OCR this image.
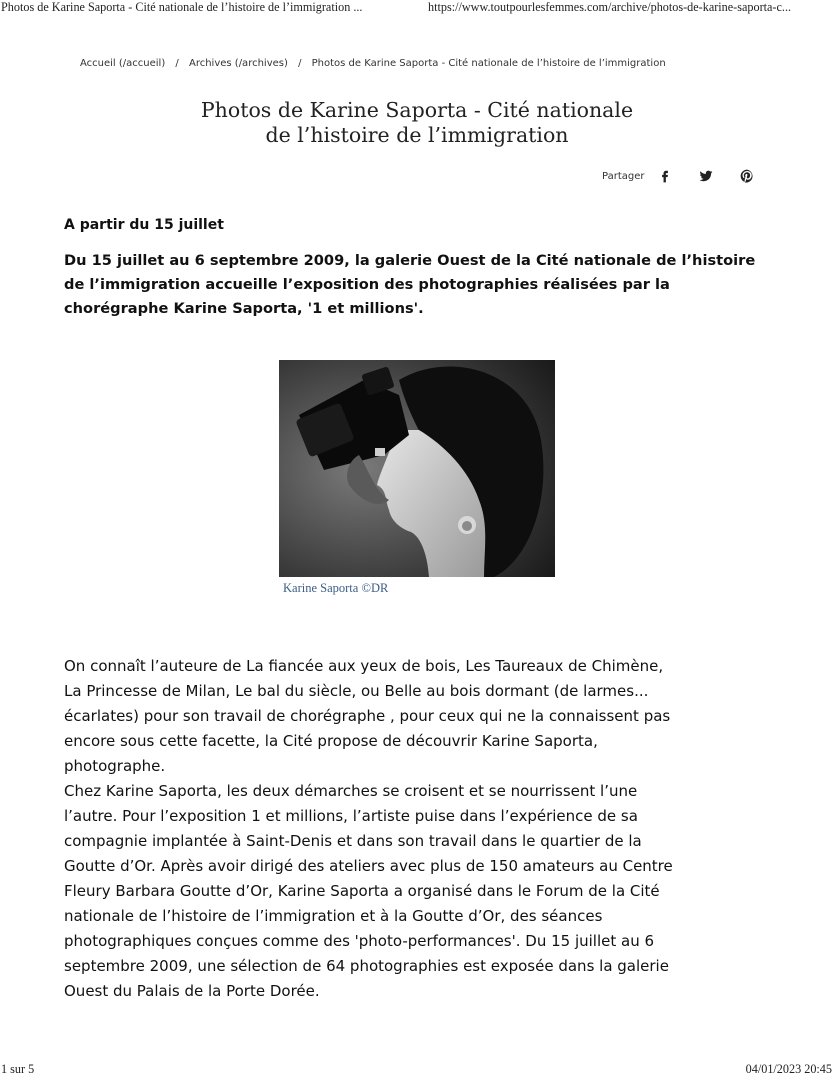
Photos de Karine Saporta - Cité nationale de l’histoire de l’immigration ...	https://www.toutpourlesfemmes.com/archive/photos-de-karine-saporta-c...
Accueil (/accueil) / Archives (/archives) / Photos de Karine Saporta - Cité nationale de l’histoire de l’immigration
Photos de Karine Saporta - Cité nationale
de l’histoire de l’immigration
Partager
A partir du 15 juillet

Du 15 juillet au 6 septembre 2009, la galerie Ouest de la Cité nationale de l’histoire de l’immigration accueille l’exposition des photographies réalisées par la chorégraphe Karine Saporta, '1 et millions'.

Karine Saporta ©DR
On connaît l’auteure de La fiancée aux yeux de bois, Les Taureaux de Chimène,
La Princesse de Milan, Le bal du siècle, ou Belle au bois dormant (de larmes...
écarlates) pour son travail de chorégraphe , pour ceux qui ne la connaissent pas
encore sous cette facette, la Cité propose de découvrir Karine Saporta,
photographe.
Chez Karine Saporta, les deux démarches se croisent et se nourrissent l’une
l’autre. Pour l’exposition 1 et millions, l’artiste puise dans l’expérience de sa
compagnie implantée à Saint-Denis et dans son travail dans le quartier de la
Goutte d’Or. Après avoir dirigé des ateliers avec plus de 150 amateurs au Centre
Fleury Barbara Goutte d’Or, Karine Saporta a organisé dans le Forum de la Cité
nationale de l’histoire de l’immigration et à la Goutte d’Or, des séances
photographiques conçues comme des 'photo-performances'. Du 15 juillet au 6
septembre 2009, une sélection de 64 photographies est exposée dans la galerie
Ouest du Palais de la Porte Dorée.
1 sur 5	04/01/2023 20:45
